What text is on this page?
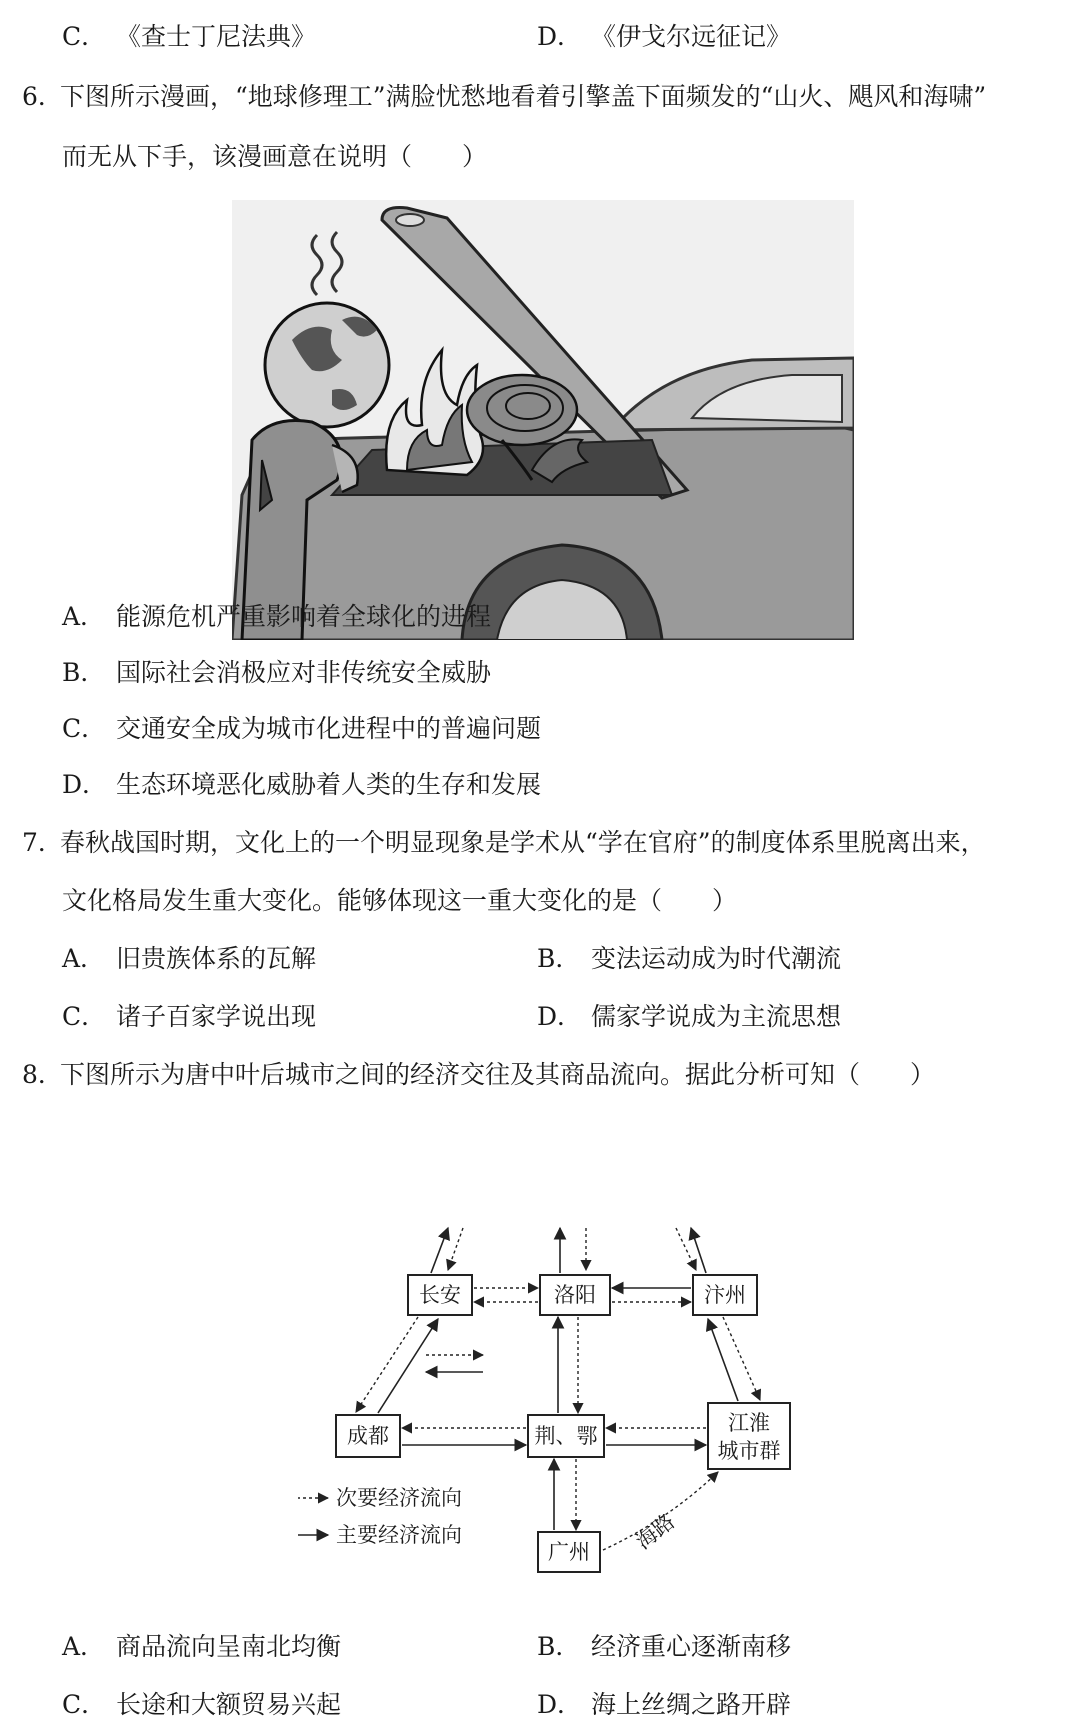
C． 《查士丁尼法典》	D． 《伊戈尔远征记》
6．下图所示漫画，“地球修理工”满脸忧愁地看着引擎盖下面频发的“山火、飓风和海啸”
而无从下手，该漫画意在说明（　　）
A． 能源危机严重影响着全球化的进程
B． 国际社会消极应对非传统安全威胁
C． 交通安全成为城市化进程中的普遍问题
D． 生态环境恶化威胁着人类的生存和发展
7．春秋战国时期，文化上的一个明显现象是学术从“学在官府”的制度体系里脱离出来，
文化格局发生重大变化。能够体现这一重大变化的是（　　）
A． 旧贵族体系的瓦解	B． 变法运动成为时代潮流
C． 诸子百家学说出现	D． 儒家学说成为主流思想
8．下图所示为唐中叶后城市之间的经济交往及其商品流向。据此分析可知（　　）
长安	洛阳	汴州
成都	荆、鄂
江淮
城市群
广州 海路
次要经济流向
主要经济流向
A． 商品流向呈南北均衡	B． 经济重心逐渐南移
C． 长途和大额贸易兴起	D． 海上丝绸之路开辟
